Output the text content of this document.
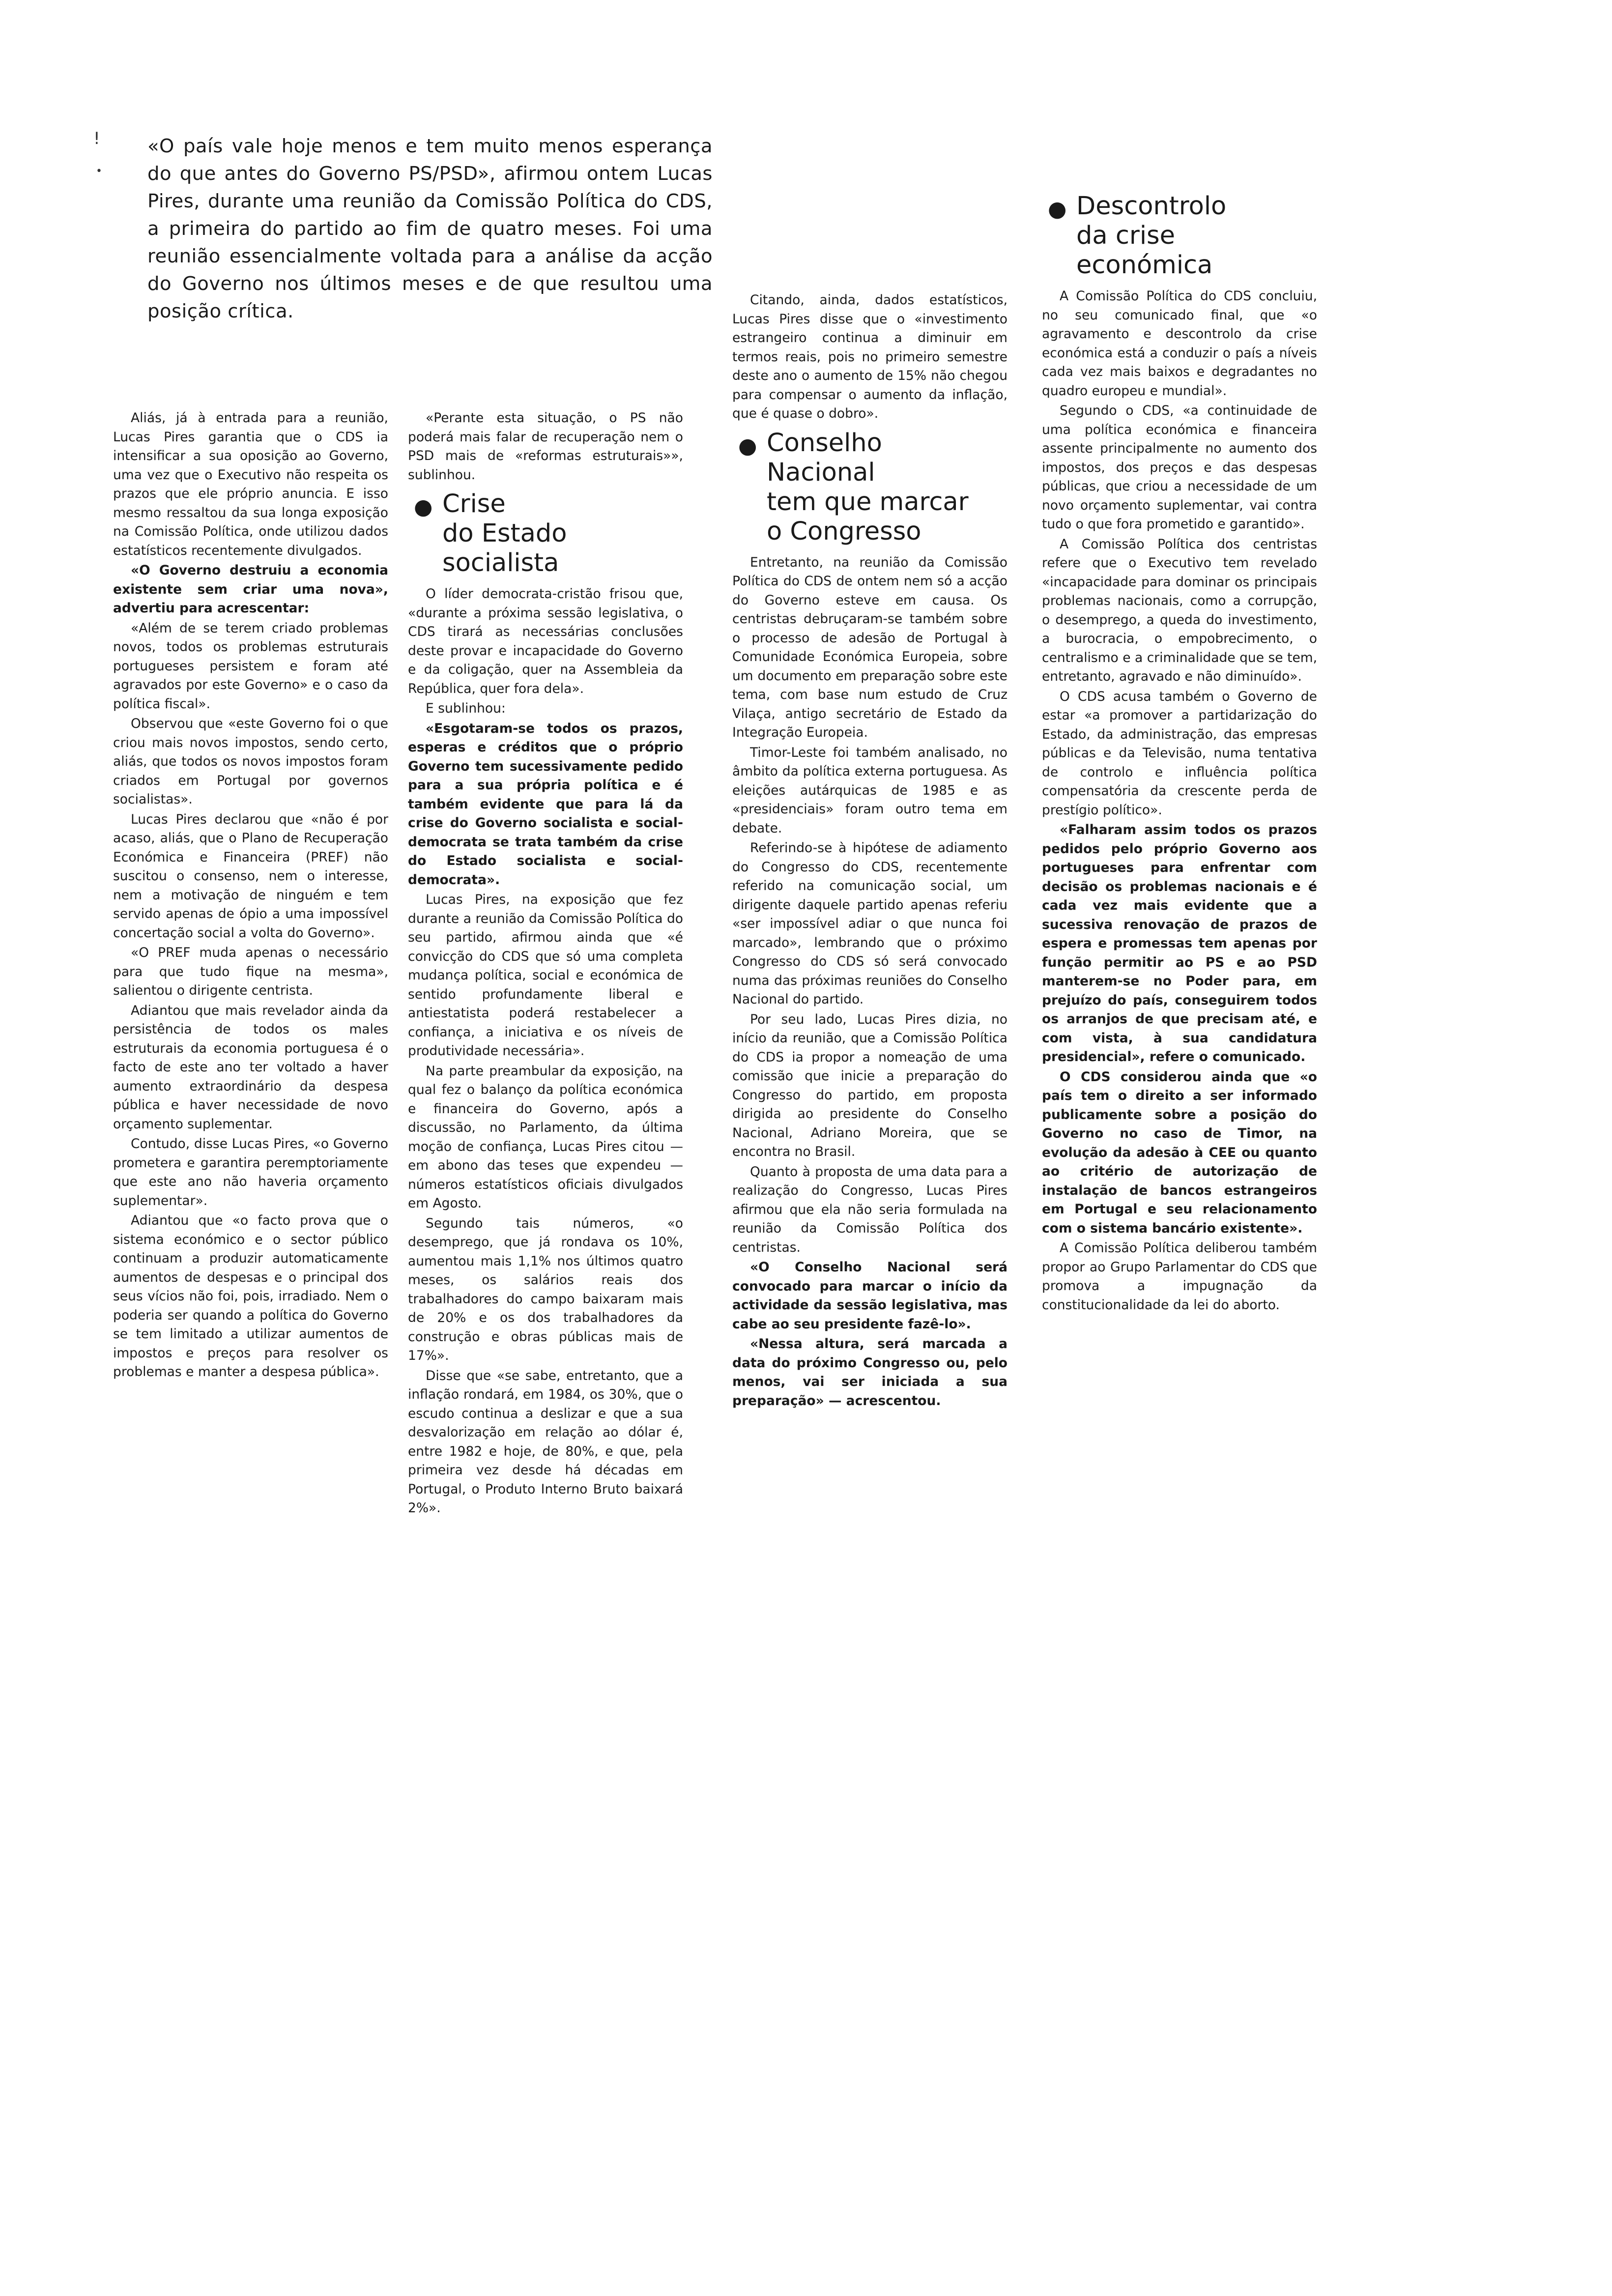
!
•

«O país vale hoje menos e tem muito menos esperança do que antes do Governo PS/PSD», afirmou ontem Lucas Pires, durante uma reunião da Comissão Política do CDS, a primeira do partido ao fim de quatro meses. Foi uma reunião essencialmente voltada para a análise da acção do Governo nos últimos meses e de que resultou uma posição crítica.

Aliás, já à entrada para a reunião, Lucas Pires garantia que o CDS ia intensificar a sua oposição ao Governo, uma vez que o Executivo não respeita os prazos que ele próprio anuncia. E isso mesmo ressaltou da sua longa exposição na Comissão Política, onde utilizou dados estatísticos recentemente divulgados.

«O Governo destruiu a economia existente sem criar uma nova», advertiu para acrescentar:

«Além de se terem criado problemas novos, todos os problemas estruturais portugueses persistem e foram até agravados por este Governo» e o caso da política fiscal».

Observou que «este Governo foi o que criou mais novos impostos, sendo certo, aliás, que todos os novos impostos foram criados em Portugal por governos socialistas».

Lucas Pires declarou que «não é por acaso, aliás, que o Plano de Recuperação Económica e Financeira (PREF) não suscitou o consenso, nem o interesse, nem a motivação de ninguém e tem servido apenas de ópio a uma impossível concertação social a volta do Governo».

«O PREF muda apenas o necessário para que tudo fique na mesma», salientou o dirigente centrista.

Adiantou que mais revelador ainda da persistência de todos os males estruturais da economia portuguesa é o facto de este ano ter voltado a haver aumento extraordinário da despesa pública e haver necessidade de novo orçamento suplementar.

Contudo, disse Lucas Pires, «o Governo prometera e garantira peremptoriamente que este ano não haveria orçamento suplementar».

Adiantou que «o facto prova que o sistema económico e o sector público continuam a produzir automaticamente aumentos de despesas e o principal dos seus vícios não foi, pois, irradiado. Nem o poderia ser quando a política do Governo se tem limitado a utilizar aumentos de impostos e preços para resolver os problemas e manter a despesa pública».

«Perante esta situação, o PS não poderá mais falar de recuperação nem o PSD mais de «reformas estruturais»», sublinhou.

● Crise
do Estado
socialista

O líder democrata-cristão frisou que, «durante a próxima sessão legislativa, o CDS tirará as necessárias conclusões deste provar e incapacidade do Governo e da coligação, quer na Assembleia da República, quer fora dela».

E sublinhou:

«Esgotaram-se todos os prazos, esperas e créditos que o próprio Governo tem sucessivamente pedido para a sua própria política e é também evidente que para lá da crise do Governo socialista e social-democrata se trata também da crise do Estado socialista e social-democrata».

Lucas Pires, na exposição que fez durante a reunião da Comissão Política do seu partido, afirmou ainda que «é convicção do CDS que só uma completa mudança política, social e económica de sentido profundamente liberal e antiestatista poderá restabelecer a confiança, a iniciativa e os níveis de produtividade necessária».

Na parte preambular da exposição, na qual fez o balanço da política económica e financeira do Governo, após a discussão, no Parlamento, da última moção de confiança, Lucas Pires citou — em abono das teses que expendeu — números estatísticos oficiais divulgados em Agosto.

Segundo tais números, «o desemprego, que já rondava os 10%, aumentou mais 1,1% nos últimos quatro meses, os salários reais dos trabalhadores do campo baixaram mais de 20% e os dos trabalhadores da construção e obras públicas mais de 17%».

Disse que «se sabe, entretanto, que a inflação rondará, em 1984, os 30%, que o escudo continua a deslizar e que a sua desvalorização em relação ao dólar é, entre 1982 e hoje, de 80%, e que, pela primeira vez desde há décadas em Portugal, o Produto Interno Bruto baixará 2%».

Citando, ainda, dados estatísticos, Lucas Pires disse que o «investimento estrangeiro continua a diminuir em termos reais, pois no primeiro semestre deste ano o aumento de 15% não chegou para compensar o aumento da inflação, que é quase o dobro».

● Conselho
Nacional
tem que marcar
o Congresso

Entretanto, na reunião da Comissão Política do CDS de ontem nem só a acção do Governo esteve em causa. Os centristas debruçaram-se também sobre o processo de adesão de Portugal à Comunidade Económica Europeia, sobre um documento em preparação sobre este tema, com base num estudo de Cruz Vilaça, antigo secretário de Estado da Integração Europeia.

Timor-Leste foi também analisado, no âmbito da política externa portuguesa. As eleições autárquicas de 1985 e as «presidenciais» foram outro tema em debate.

Referindo-se à hipótese de adiamento do Congresso do CDS, recentemente referido na comunicação social, um dirigente daquele partido apenas referiu «ser impossível adiar o que nunca foi marcado», lembrando que o próximo Congresso do CDS só será convocado numa das próximas reuniões do Conselho Nacional do partido.

Por seu lado, Lucas Pires dizia, no início da reunião, que a Comissão Política do CDS ia propor a nomeação de uma comissão que inicie a preparação do Congresso do partido, em proposta dirigida ao presidente do Conselho Nacional, Adriano Moreira, que se encontra no Brasil.

Quanto à proposta de uma data para a realização do Congresso, Lucas Pires afirmou que ela não seria formulada na reunião da Comissão Política dos centristas.

«O Conselho Nacional será convocado para marcar o início da actividade da sessão legislativa, mas cabe ao seu presidente fazê-lo».

«Nessa altura, será marcada a data do próximo Congresso ou, pelo menos, vai ser iniciada a sua preparação» — acrescentou.

● Descontrolo
da crise
económica

A Comissão Política do CDS concluiu, no seu comunicado final, que «o agravamento e descontrolo da crise económica está a conduzir o país a níveis cada vez mais baixos e degradantes no quadro europeu e mundial».

Segundo o CDS, «a continuidade de uma política económica e financeira assente principalmente no aumento dos impostos, dos preços e das despesas públicas, que criou a necessidade de um novo orçamento suplementar, vai contra tudo o que fora prometido e garantido».

A Comissão Política dos centristas refere que o Executivo tem revelado «incapacidade para dominar os principais problemas nacionais, como a corrupção, o desemprego, a queda do investimento, a burocracia, o empobrecimento, o centralismo e a criminalidade que se tem, entretanto, agravado e não diminuído».

O CDS acusa também o Governo de estar «a promover a partidarização do Estado, da administração, das empresas públicas e da Televisão, numa tentativa de controlo e influência política compensatória da crescente perda de prestígio político».

«Falharam assim todos os prazos pedidos pelo próprio Governo aos portugueses para enfrentar com decisão os problemas nacionais e é cada vez mais evidente que a sucessiva renovação de prazos de espera e promessas tem apenas por função permitir ao PS e ao PSD manterem-se no Poder para, em prejuízo do país, conseguirem todos os arranjos de que precisam até, e com vista, à sua candidatura presidencial», refere o comunicado.

O CDS considerou ainda que «o país tem o direito a ser informado publicamente sobre a posição do Governo no caso de Timor, na evolução da adesão à CEE ou quanto ao critério de autorização de instalação de bancos estrangeiros em Portugal e seu relacionamento com o sistema bancário existente».

A Comissão Política deliberou também propor ao Grupo Parlamentar do CDS que promova a impugnação da constitucionalidade da lei do aborto.
